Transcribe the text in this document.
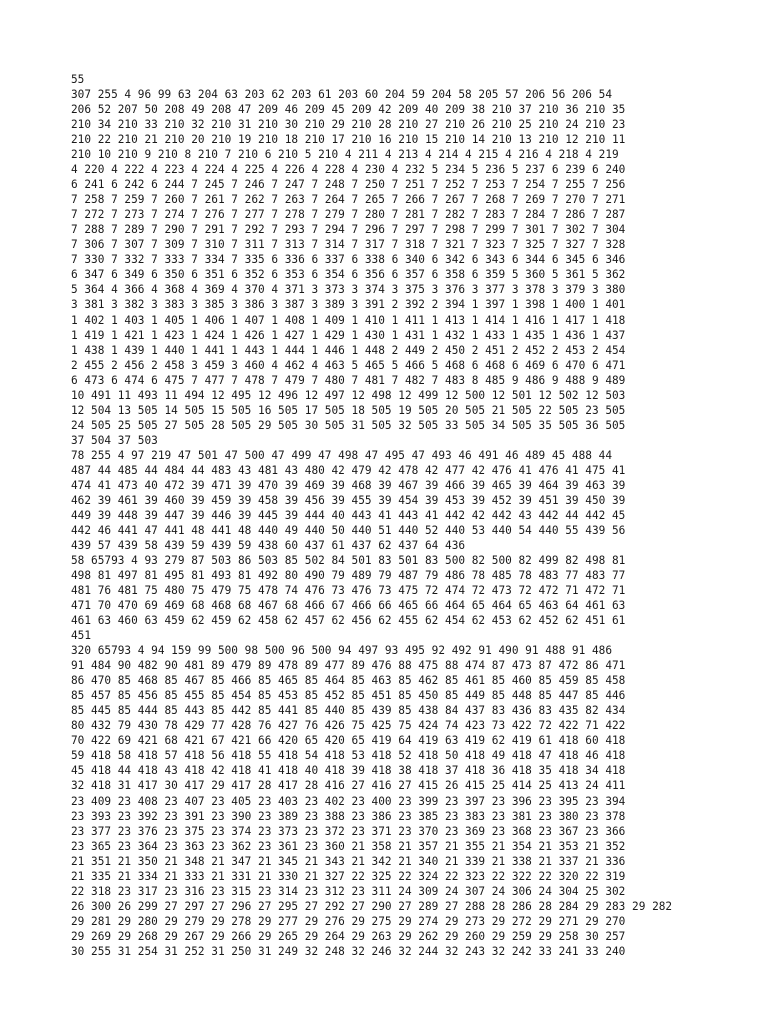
55
307 255 4 96 99 63 204 63 203 62 203 61 203 60 204 59 204 58 205 57 206 56 206 54
206 52 207 50 208 49 208 47 209 46 209 45 209 42 209 40 209 38 210 37 210 36 210 35
210 34 210 33 210 32 210 31 210 30 210 29 210 28 210 27 210 26 210 25 210 24 210 23
210 22 210 21 210 20 210 19 210 18 210 17 210 16 210 15 210 14 210 13 210 12 210 11
210 10 210 9 210 8 210 7 210 6 210 5 210 4 211 4 213 4 214 4 215 4 216 4 218 4 219
4 220 4 222 4 223 4 224 4 225 4 226 4 228 4 230 4 232 5 234 5 236 5 237 6 239 6 240
6 241 6 242 6 244 7 245 7 246 7 247 7 248 7 250 7 251 7 252 7 253 7 254 7 255 7 256
7 258 7 259 7 260 7 261 7 262 7 263 7 264 7 265 7 266 7 267 7 268 7 269 7 270 7 271
7 272 7 273 7 274 7 276 7 277 7 278 7 279 7 280 7 281 7 282 7 283 7 284 7 286 7 287
7 288 7 289 7 290 7 291 7 292 7 293 7 294 7 296 7 297 7 298 7 299 7 301 7 302 7 304
7 306 7 307 7 309 7 310 7 311 7 313 7 314 7 317 7 318 7 321 7 323 7 325 7 327 7 328
7 330 7 332 7 333 7 334 7 335 6 336 6 337 6 338 6 340 6 342 6 343 6 344 6 345 6 346
6 347 6 349 6 350 6 351 6 352 6 353 6 354 6 356 6 357 6 358 6 359 5 360 5 361 5 362
5 364 4 366 4 368 4 369 4 370 4 371 3 373 3 374 3 375 3 376 3 377 3 378 3 379 3 380
3 381 3 382 3 383 3 385 3 386 3 387 3 389 3 391 2 392 2 394 1 397 1 398 1 400 1 401
1 402 1 403 1 405 1 406 1 407 1 408 1 409 1 410 1 411 1 413 1 414 1 416 1 417 1 418
1 419 1 421 1 423 1 424 1 426 1 427 1 429 1 430 1 431 1 432 1 433 1 435 1 436 1 437
1 438 1 439 1 440 1 441 1 443 1 444 1 446 1 448 2 449 2 450 2 451 2 452 2 453 2 454
2 455 2 456 2 458 3 459 3 460 4 462 4 463 5 465 5 466 5 468 6 468 6 469 6 470 6 471
6 473 6 474 6 475 7 477 7 478 7 479 7 480 7 481 7 482 7 483 8 485 9 486 9 488 9 489
10 491 11 493 11 494 12 495 12 496 12 497 12 498 12 499 12 500 12 501 12 502 12 503
12 504 13 505 14 505 15 505 16 505 17 505 18 505 19 505 20 505 21 505 22 505 23 505
24 505 25 505 27 505 28 505 29 505 30 505 31 505 32 505 33 505 34 505 35 505 36 505
37 504 37 503
78 255 4 97 219 47 501 47 500 47 499 47 498 47 495 47 493 46 491 46 489 45 488 44
487 44 485 44 484 44 483 43 481 43 480 42 479 42 478 42 477 42 476 41 476 41 475 41
474 41 473 40 472 39 471 39 470 39 469 39 468 39 467 39 466 39 465 39 464 39 463 39
462 39 461 39 460 39 459 39 458 39 456 39 455 39 454 39 453 39 452 39 451 39 450 39
449 39 448 39 447 39 446 39 445 39 444 40 443 41 443 41 442 42 442 43 442 44 442 45
442 46 441 47 441 48 441 48 440 49 440 50 440 51 440 52 440 53 440 54 440 55 439 56
439 57 439 58 439 59 439 59 438 60 437 61 437 62 437 64 436
58 65793 4 93 279 87 503 86 503 85 502 84 501 83 501 83 500 82 500 82 499 82 498 81
498 81 497 81 495 81 493 81 492 80 490 79 489 79 487 79 486 78 485 78 483 77 483 77
481 76 481 75 480 75 479 75 478 74 476 73 476 73 475 72 474 72 473 72 472 71 472 71
471 70 470 69 469 68 468 68 467 68 466 67 466 66 465 66 464 65 464 65 463 64 461 63
461 63 460 63 459 62 459 62 458 62 457 62 456 62 455 62 454 62 453 62 452 62 451 61
451
320 65793 4 94 159 99 500 98 500 96 500 94 497 93 495 92 492 91 490 91 488 91 486
91 484 90 482 90 481 89 479 89 478 89 477 89 476 88 475 88 474 87 473 87 472 86 471
86 470 85 468 85 467 85 466 85 465 85 464 85 463 85 462 85 461 85 460 85 459 85 458
85 457 85 456 85 455 85 454 85 453 85 452 85 451 85 450 85 449 85 448 85 447 85 446
85 445 85 444 85 443 85 442 85 441 85 440 85 439 85 438 84 437 83 436 83 435 82 434
80 432 79 430 78 429 77 428 76 427 76 426 75 425 75 424 74 423 73 422 72 422 71 422
70 422 69 421 68 421 67 421 66 420 65 420 65 419 64 419 63 419 62 419 61 418 60 418
59 418 58 418 57 418 56 418 55 418 54 418 53 418 52 418 50 418 49 418 47 418 46 418
45 418 44 418 43 418 42 418 41 418 40 418 39 418 38 418 37 418 36 418 35 418 34 418
32 418 31 417 30 417 29 417 28 417 28 416 27 416 27 415 26 415 25 414 25 413 24 411
23 409 23 408 23 407 23 405 23 403 23 402 23 400 23 399 23 397 23 396 23 395 23 394
23 393 23 392 23 391 23 390 23 389 23 388 23 386 23 385 23 383 23 381 23 380 23 378
23 377 23 376 23 375 23 374 23 373 23 372 23 371 23 370 23 369 23 368 23 367 23 366
23 365 23 364 23 363 23 362 23 361 23 360 21 358 21 357 21 355 21 354 21 353 21 352
21 351 21 350 21 348 21 347 21 345 21 343 21 342 21 340 21 339 21 338 21 337 21 336
21 335 21 334 21 333 21 331 21 330 21 327 22 325 22 324 22 323 22 322 22 320 22 319
22 318 23 317 23 316 23 315 23 314 23 312 23 311 24 309 24 307 24 306 24 304 25 302
26 300 26 299 27 297 27 296 27 295 27 292 27 290 27 289 27 288 28 286 28 284 29 283 29 282
29 281 29 280 29 279 29 278 29 277 29 276 29 275 29 274 29 273 29 272 29 271 29 270
29 269 29 268 29 267 29 266 29 265 29 264 29 263 29 262 29 260 29 259 29 258 30 257
30 255 31 254 31 252 31 250 31 249 32 248 32 246 32 244 32 243 32 242 33 241 33 240
